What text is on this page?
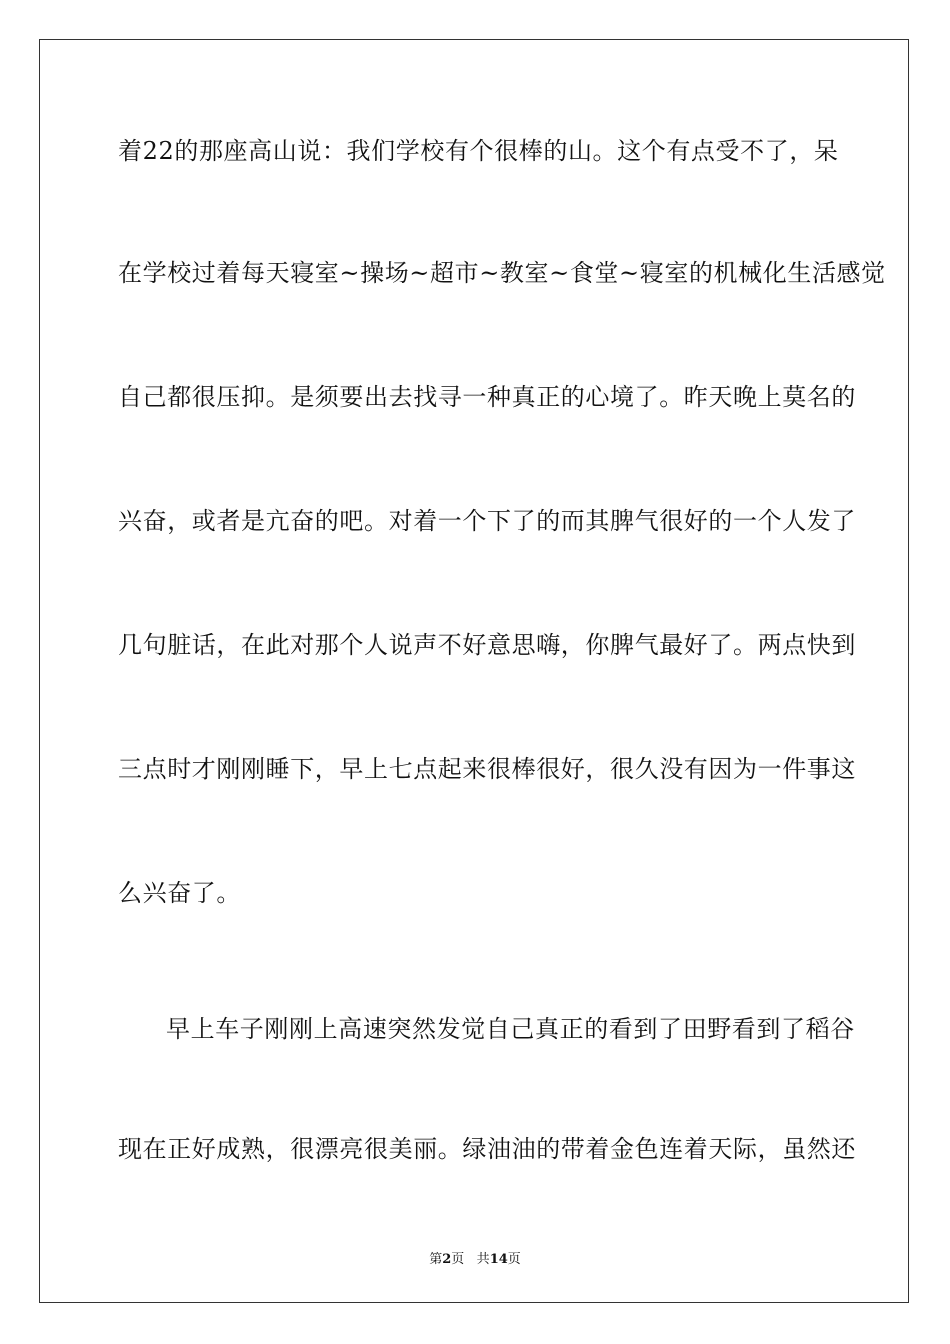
着22的那座高山说：我们学校有个很棒的山。这个有点受不了，呆
在学校过着每天寝室~操场~超市~教室~食堂~寝室的机械化生活感觉
自己都很压抑。是须要出去找寻一种真正的心境了。昨天晚上莫名的
兴奋，或者是亢奋的吧。对着一个下了的而其脾气很好的一个人发了
几句脏话，在此对那个人说声不好意思嗨，你脾气最好了。两点快到
三点时才刚刚睡下，早上七点起来很棒很好，很久没有因为一件事这
么兴奋了。
早上车子刚刚上高速突然发觉自己真正的看到了田野看到了稻谷
现在正好成熟，很漂亮很美丽。绿油油的带着金色连着天际，虽然还
第2页 共14页
